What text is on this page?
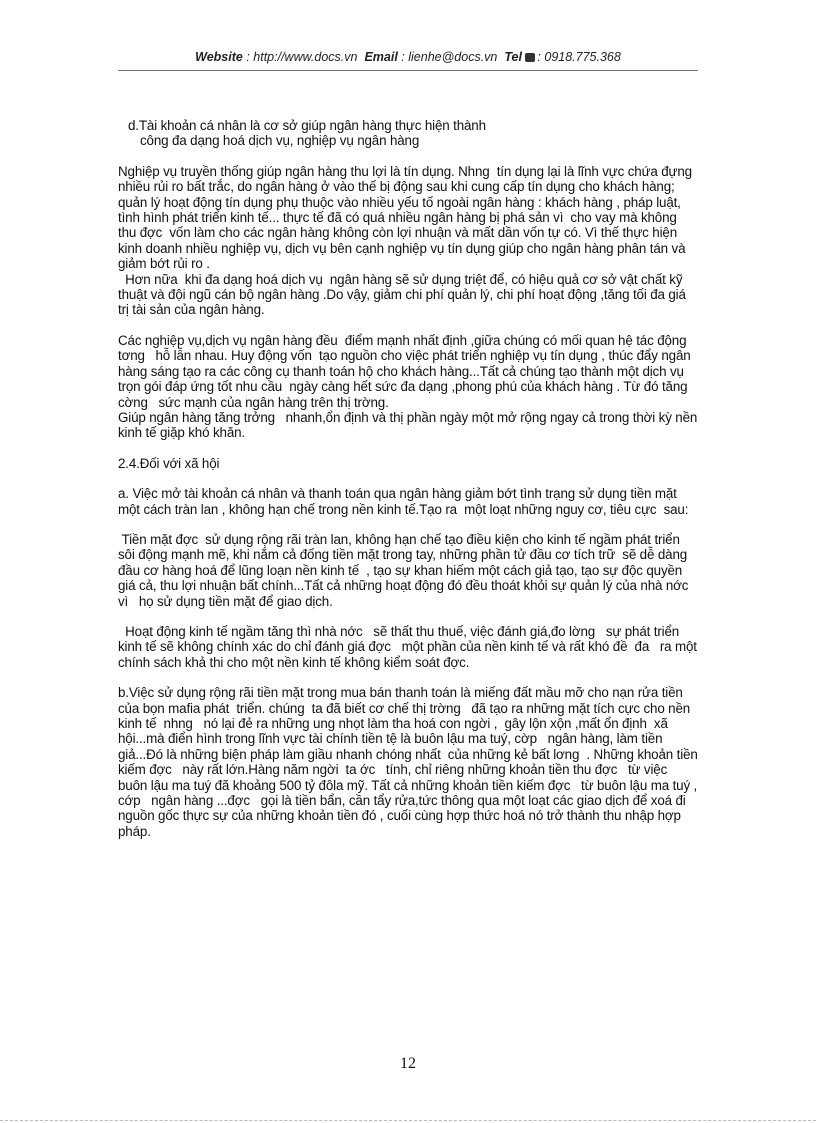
Website : http://www.docs.vn Email : lienhe@docs.vn Tel : 0918.775.368

d.Tài khoản cá nhân là cơ sở giúp ngân hàng thực hiện thành

công đa dạng hoá dịch vụ, nghiệp vụ ngân hàng

Nghiệp vụ truyền thống giúp ngân hàng thu lợi là tín dụng. Nhng  tín dụng lại là lĩnh vực chứa đựng nhiều rủi ro bất trắc, do ngân hàng ở vào thế bị động sau khi cung cấp tín dụng cho khách hàng; quản lý hoạt động tín dụng phụ thuộc vào nhiều yếu tố ngoài ngân hàng : khách hàng , pháp luật, tình hình phát triển kinh tế... thực tế đã có quá nhiều ngân hàng bị phá sản vì  cho vay mà không thu đợc  vốn làm cho các ngân hàng không còn lợi nhuận và mất dần vốn tự có. Vì thế thực hiện kinh doanh nhiều nghiệp vụ, dịch vụ bên cạnh nghiệp vụ tín dụng giúp cho ngân hàng phân tán và giảm bớt rủi ro .

Hơn nữa  khi đa dạng hoá dịch vụ  ngân hàng sẽ sử dụng triệt để, có hiệu quả cơ sở vật chất kỹ thuật và đội ngũ cán bộ ngân hàng .Do vậy, giảm chi phí quản lý, chi phí hoạt động ,tăng tối đa giá trị tài sản của ngân hàng.

Các nghiệp vụ,dịch vụ ngân hàng đều  điểm mạnh nhất định ,giữa chúng có mối quan hệ tác động  tơng   hỗ lẫn nhau. Huy động vốn  tạo nguồn cho việc phát triển nghiệp vụ tín dụng , thúc đẩy ngân hàng sáng tạo ra các công cụ thanh toán hộ cho khách hàng...Tất cả chúng tạo thành một dịch vụ  trọn gói đáp ứng tốt nhu cầu  ngày càng hết sức đa dạng ,phong phú của khách hàng . Từ đó tăng cờng   sức mạnh của ngân hàng trên thị trờng.

Giúp ngân hàng tăng trởng   nhanh,ổn định và thị phần ngày một mở rộng ngay cả trong thời kỳ nền kinh tế giặp khó khăn.

2.4.Đối với xã hội

a. Việc mở tài khoản cá nhân và thanh toán qua ngân hàng giảm bớt tình trạng sử dụng tiền mặt một cách tràn lan , không hạn chế trong nền kinh tế.Tạo ra  một loạt những nguy cơ, tiêu cực  sau:

Tiền mặt đợc  sử dụng rộng rãi tràn lan, không hạn chế tạo điều kiện cho kinh tế ngầm phát triển sôi động mạnh mẽ, khi nắm cả đống tiền mặt trong tay, những phần tử đầu cơ tích trữ  sẽ dễ dàng đầu cơ hàng hoá để lũng loạn nền kinh tế  , tạo sự khan hiếm một cách giả tạo, tạo sự độc quyền giá cả, thu lợi nhuận bất chính...Tất cả những hoạt động đó đều thoát khỏi sự quản lý của nhà nớc vì   họ sử dụng tiền mặt để giao dịch.

Hoạt động kinh tế ngầm tăng thì nhà nớc   sẽ thất thu thuế, việc đánh giá,đo lờng   sự phát triển kinh tế sẽ không chính xác do chỉ đánh giá đợc   một phần của nền kinh tế và rất khó đề  đa   ra một chính sách khả thi cho một nền kinh tế không kiểm soát đợc.

b.Việc sử dụng rộng rãi tiền mặt trong mua bán thanh toán là miếng đất mầu mỡ cho nạn rửa tiền của bọn mafia phát  triển. chúng  ta đã biết cơ chế thị trờng   đã tạo ra những mặt tích cực cho nền kinh tế  nhng   nó lại đẻ ra những ung nhọt làm tha hoá con ngời ,  gây lộn xộn ,mất ổn định  xã hội...mà điển hình trong lĩnh vực tài chính tiền tệ là buôn lậu ma tuý, cờp   ngân hàng, làm tiền giả...Đó là những biện pháp làm giầu nhanh chóng nhất  của những kẻ bất lơng  . Những khoản tiền kiếm đợc   này rất lớn.Hàng năm ngời  ta ớc   tính, chỉ riêng những khoản tiền thu đợc   từ việc  buôn lậu ma tuý đã khoảng 500 tỷ đôla mỹ. Tất cả những khoản tiền kiếm đợc   từ buôn lậu ma tuý , cớp   ngân hàng ...đợc   gọi là tiền bẩn, cần tẩy rửa,tức thông qua một loạt các giao dịch để xoá đi nguồn gốc thực sự của những khoản tiền đó , cuối cùng hợp thức hoá nó trở thành thu nhập hợp pháp.

12
